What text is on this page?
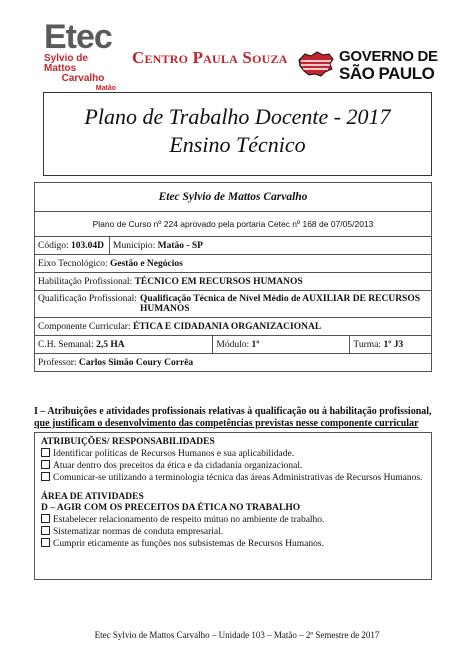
Etec
Sylvio de Mattos
Carvalho
Matão
Centro Paula Souza	GOVERNO DE
SÃO PAULO
Plano de Trabalho Docente - 2017
Ensino Técnico
Etec Sylvio de Mattos Carvalho			
Plano de Curso nº 224 aprovado pela portaria Cetec nº 168 de 07/05/2013			
Código: 103.04D	Município: Matão - SP		
Eixo Tecnológico: Gestão e Negócios			
Habilitação Profissional: TÉCNICO EM RECURSOS HUMANOS			

Qualificação Profissional: Qualificação Técnica de Nível Médio de AUXILIAR DE RECURSOS
HUMANOS			

Componente Curricular: ÉTICA E CIDADANIA ORGANIZACIONAL			
C.H. Semanal: 2,5 HA		Módulo: 1º	Turma: 1º J3
Professor: Carlos Simão Coury Corrêa			
I – Atribuições e atividades profissionais relativas à qualificação ou à habilitação profissional,
que justificam o desenvolvimento das competências previstas nesse componente curricular
ATRIBUIÇÕES/ RESPONSABILIDADES
Identificar políticas de Recursos Humanos e sua aplicabilidade.
Atuar dentro dos preceitos da ética e da cidadania organizacional.
Comunicar-se utilizando a terminologia técnica das áreas Administrativas de Recursos Humanos.
ÁREA DE ATIVIDADES
D – AGIR COM OS PRECEITOS DA ÉTICA NO TRABALHO
Estabelecer relacionamento de respeito mútuo no ambiente de trabalho.
Sistematizar normas de conduta empresarial.
Cumprir eticamente as funções nos subsistemas de Recursos Humanos.
Etec Sylvio de Mattos Carvalho – Unidade 103 – Matão – 2º Semestre de 2017
